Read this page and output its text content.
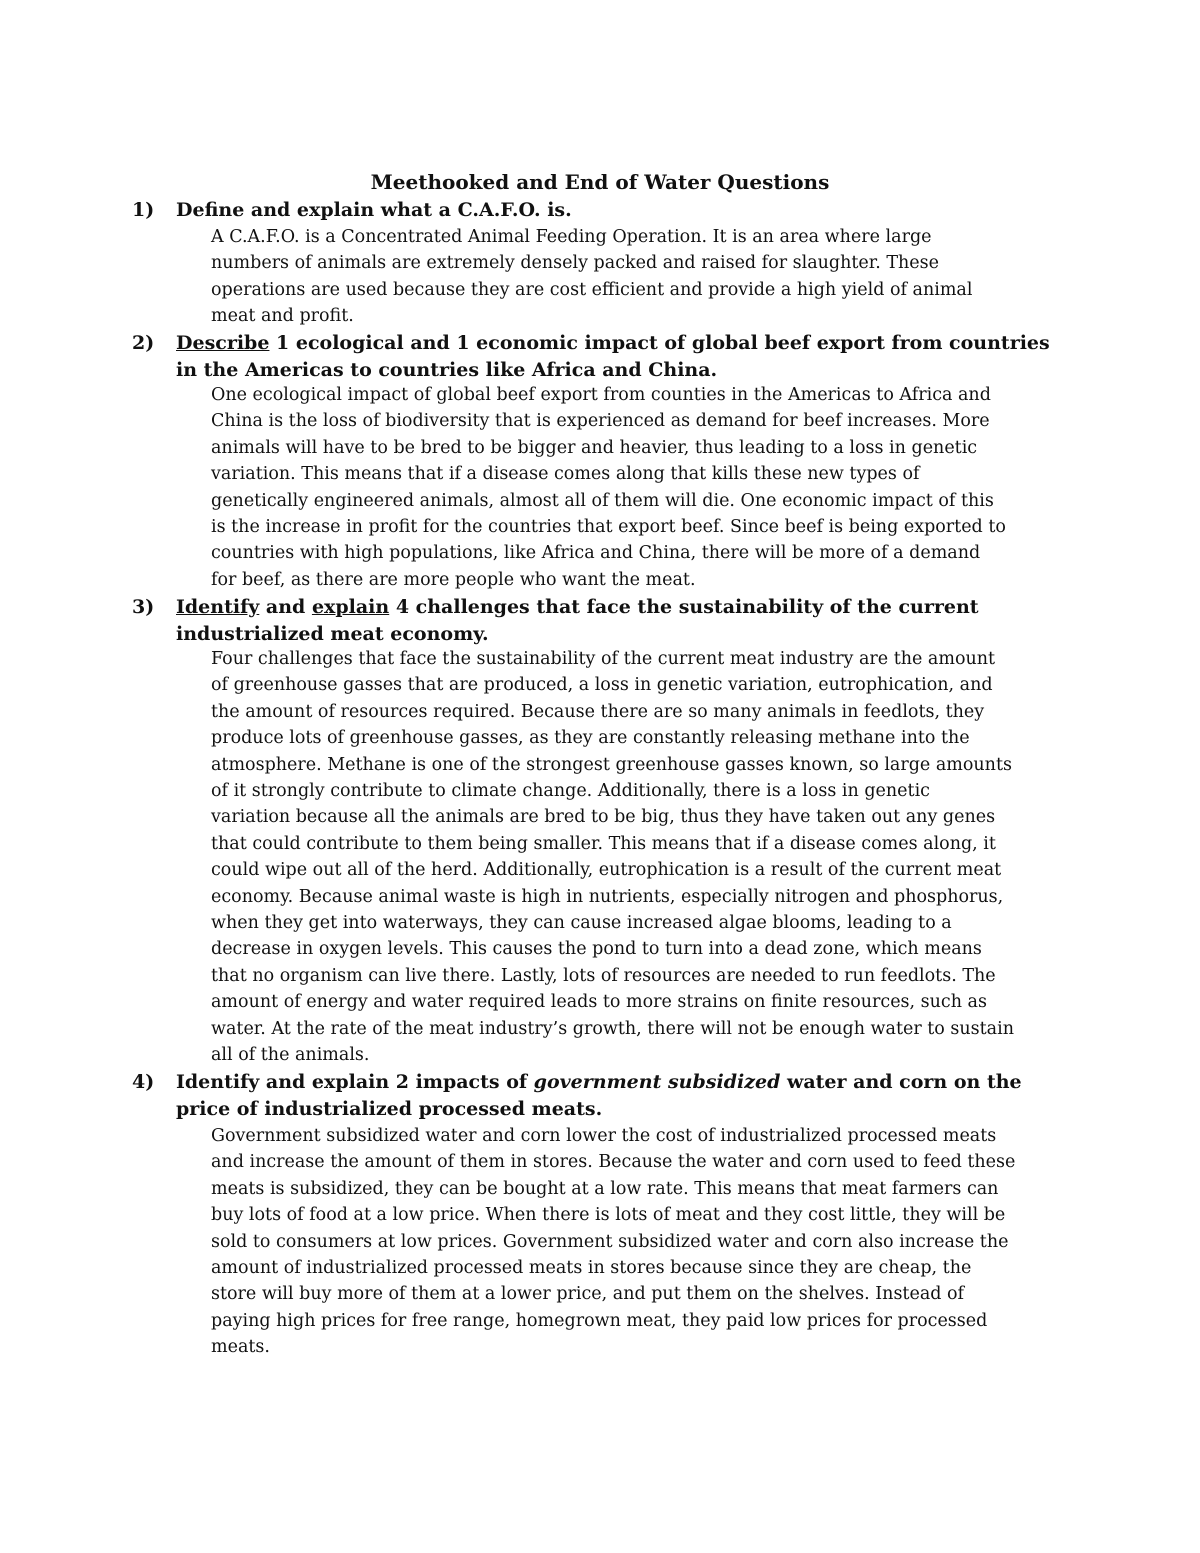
Meethooked and End of Water Questions
1) Define and explain what a C.A.F.O. is.
A C.A.F.O. is a Concentrated Animal Feeding Operation. It is an area where large
numbers of animals are extremely densely packed and raised for slaughter. These
operations are used because they are cost efficient and provide a high yield of animal
meat and profit.
2) Describe 1 ecological and 1 economic impact of global beef export from countries in the Americas to countries like Africa and China.
One ecological impact of global beef export from counties in the Americas to Africa and
China is the loss of biodiversity that is experienced as demand for beef increases. More
animals will have to be bred to be bigger and heavier, thus leading to a loss in genetic
variation. This means that if a disease comes along that kills these new types of
genetically engineered animals, almost all of them will die. One economic impact of this
is the increase in profit for the countries that export beef. Since beef is being exported to
countries with high populations, like Africa and China, there will be more of a demand
for beef, as there are more people who want the meat.
3) Identify and explain 4 challenges that face the sustainability of the current industrialized meat economy.
Four challenges that face the sustainability of the current meat industry are the amount
of greenhouse gasses that are produced, a loss in genetic variation, eutrophication, and
the amount of resources required. Because there are so many animals in feedlots, they
produce lots of greenhouse gasses, as they are constantly releasing methane into the
atmosphere. Methane is one of the strongest greenhouse gasses known, so large amounts
of it strongly contribute to climate change. Additionally, there is a loss in genetic
variation because all the animals are bred to be big, thus they have taken out any genes
that could contribute to them being smaller. This means that if a disease comes along, it
could wipe out all of the herd. Additionally, eutrophication is a result of the current meat
economy. Because animal waste is high in nutrients, especially nitrogen and phosphorus,
when they get into waterways, they can cause increased algae blooms, leading to a
decrease in oxygen levels. This causes the pond to turn into a dead zone, which means
that no organism can live there. Lastly, lots of resources are needed to run feedlots. The
amount of energy and water required leads to more strains on finite resources, such as
water. At the rate of the meat industry’s growth, there will not be enough water to sustain
all of the animals.
4) Identify and explain 2 impacts of government subsidized water and corn on the price of industrialized processed meats.
Government subsidized water and corn lower the cost of industrialized processed meats
and increase the amount of them in stores. Because the water and corn used to feed these
meats is subsidized, they can be bought at a low rate. This means that meat farmers can
buy lots of food at a low price. When there is lots of meat and they cost little, they will be
sold to consumers at low prices. Government subsidized water and corn also increase the
amount of industrialized processed meats in stores because since they are cheap, the
store will buy more of them at a lower price, and put them on the shelves. Instead of
paying high prices for free range, homegrown meat, they paid low prices for processed
meats.
